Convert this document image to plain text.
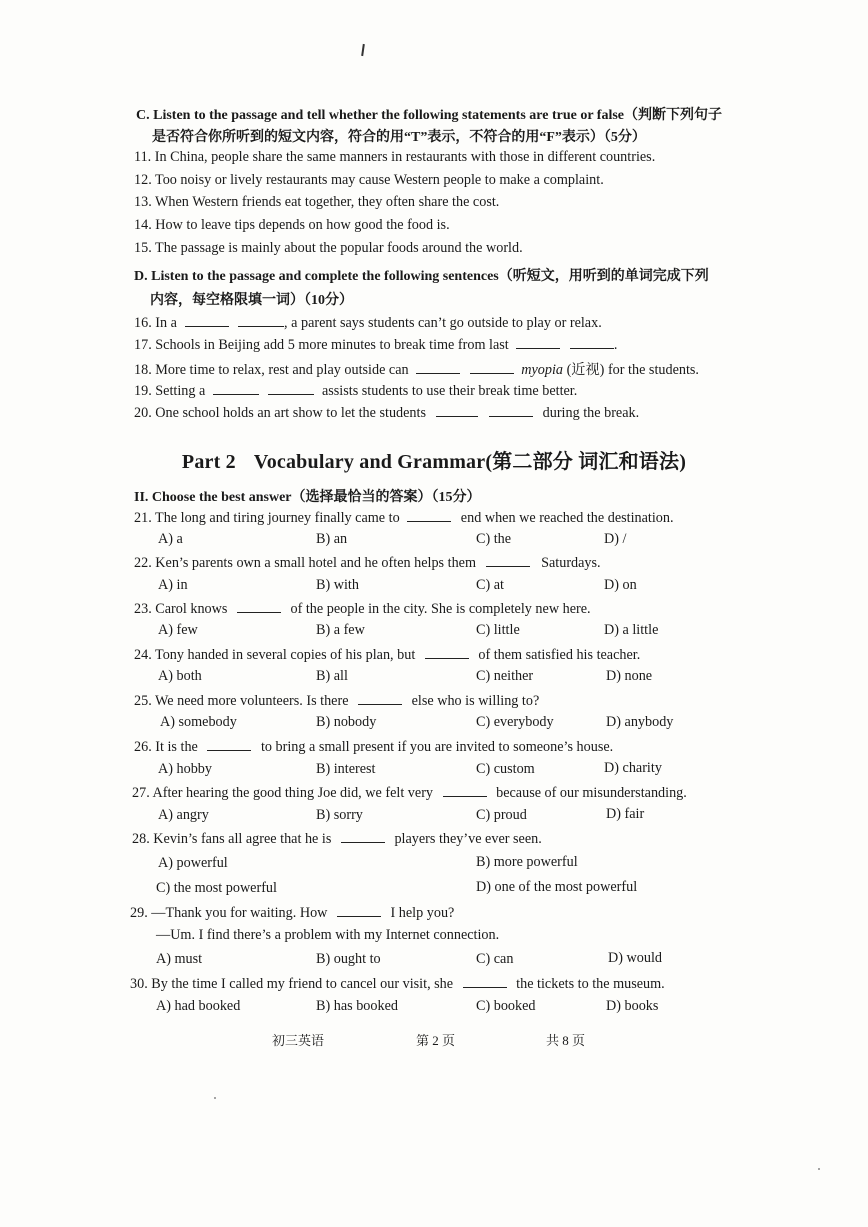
C. Listen to the passage and tell whether the following statements are true or false（判断下列句子
是否符合你所听到的短文内容，符合的用“T”表示，不符合的用“F”表示）（5分）
11. In China, people share the same manners in restaurants with those in different countries.
12. Too noisy or lively restaurants may cause Western people to make a complaint.
13. When Western friends eat together, they often share the cost.
14. How to leave tips depends on how good the food is.
15. The passage is mainly about the popular foods around the world.
D. Listen to the passage and complete the following sentences（听短文，用听到的单词完成下列
内容，每空格限填一词）（10分）
16. In a	, a parent says students can’t go outside to play or relax.
17. Schools in Beijing add 5 more minutes to break time from last	.
18. More time to relax, rest and play outside can	myopia (近视) for the students.
19. Setting a	assists students to use their break time better.
20. One school holds an art show to let the students	during the break.
Part 2 Vocabulary and Grammar(第二部分 词汇和语法)
II. Choose the best answer（选择最恰当的答案）（15分）
21. The long and tiring journey finally came to	end when we reached the destination.
A) a	B) an	C) the	D) /
22. Ken’s parents own a small hotel and he often helps them	Saturdays.
A) in	B) with	C) at	D) on
23. Carol knows	of the people in the city. She is completely new here.
A) few	B) a few	C) little	D) a little
24. Tony handed in several copies of his plan, but	of them satisfied his teacher.
A) both	B) all	C) neither	D) none
25. We need more volunteers. Is there	else who is willing to?
A) somebody	B) nobody	C) everybody	D) anybody
26. It is the	to bring a small present if you are invited to someone’s house.
A) hobby	B) interest	C) custom	D) charity
27. After hearing the good thing Joe did, we felt very	because of our misunderstanding.
A) angry	B) sorry	C) proud	D) fair
28. Kevin’s fans all agree that he is	players they’ve ever seen.
A) powerful	B) more powerful
C) the most powerful	D) one of the most powerful
29. —Thank you for waiting. How	I help you?
—Um. I find there’s a problem with my Internet connection.
A) must	B) ought to	C) can	D) would
30. By the time I called my friend to cancel our visit, she	the tickets to the museum.
A) had booked	B) has booked	C) booked	D) books
初三英语	第 2 页	共 8 页
